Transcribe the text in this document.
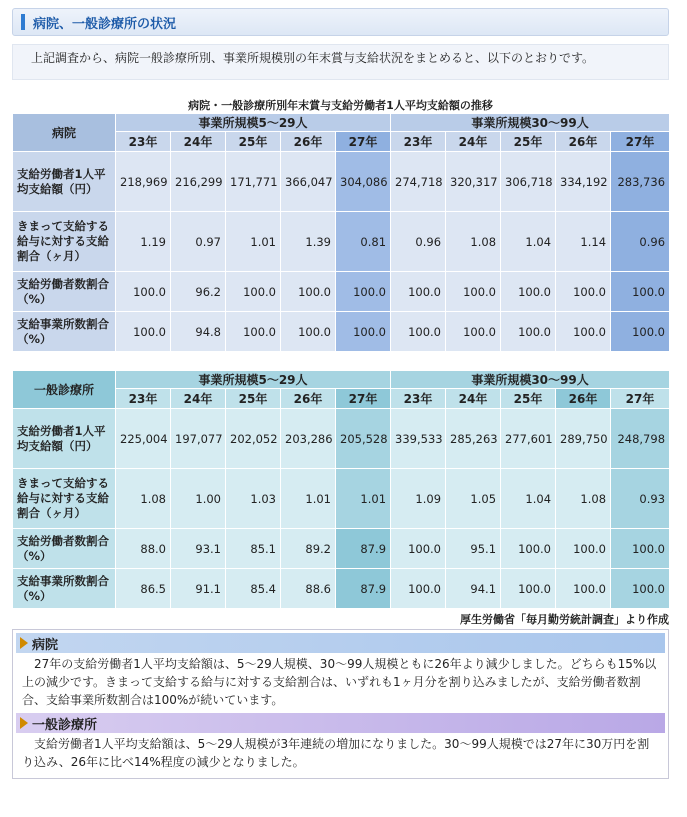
病院、一般診療所の状況

上記調査から、病院一般診療所別、事業所規模別の年末賞与支給状況をまとめると、以下のとおりです。

病院・一般診療所別年末賞与支給労働者1人平均支給額の推移
病院	事業所規模5～29人					事業所規模30～99人				
	23年	24年	25年	26年	27年	23年	24年	25年	26年	27年
支給労働者1人平均支給額（円）	218,969	216,299	171,771	366,047	304,086	274,718	320,317	306,718	334,192	283,736
きまって支給する給与に対する支給割合（ヶ月）	1.19	0.97	1.01	1.39	0.81	0.96	1.08	1.04	1.14	0.96
支給労働者数割合（%）	100.0	96.2	100.0	100.0	100.0	100.0	100.0	100.0	100.0	100.0
支給事業所数割合（%）	100.0	94.8	100.0	100.0	100.0	100.0	100.0	100.0	100.0	100.0
一般診療所	事業所規模5～29人					事業所規模30～99人				
	23年	24年	25年	26年	27年	23年	24年	25年	26年	27年
支給労働者1人平均支給額（円）	225,004	197,077	202,052	203,286	205,528	339,533	285,263	277,601	289,750	248,798
きまって支給する給与に対する支給割合（ヶ月）	1.08	1.00	1.03	1.01	1.01	1.09	1.05	1.04	1.08	0.93
支給労働者数割合（%）	88.0	93.1	85.1	89.2	87.9	100.0	95.1	100.0	100.0	100.0
支給事業所数割合（%）	86.5	91.1	85.4	88.6	87.9	100.0	94.1	100.0	100.0	100.0
厚生労働省「毎月勤労統計調査」より作成
病院

27年の支給労働者1人平均支給額は、5～29人規模、30～99人規模ともに26年より減少しました。どちらも15%以上の減少です。きまって支給する給与に対する支給割合は、いずれも1ヶ月分を割り込みましたが、支給労働者数割合、支給事業所数割合は100%が続いています。

一般診療所

支給労働者1人平均支給額は、5～29人規模が3年連続の増加になりました。30～99人規模では27年に30万円を割り込み、26年に比べ14%程度の減少となりました。
